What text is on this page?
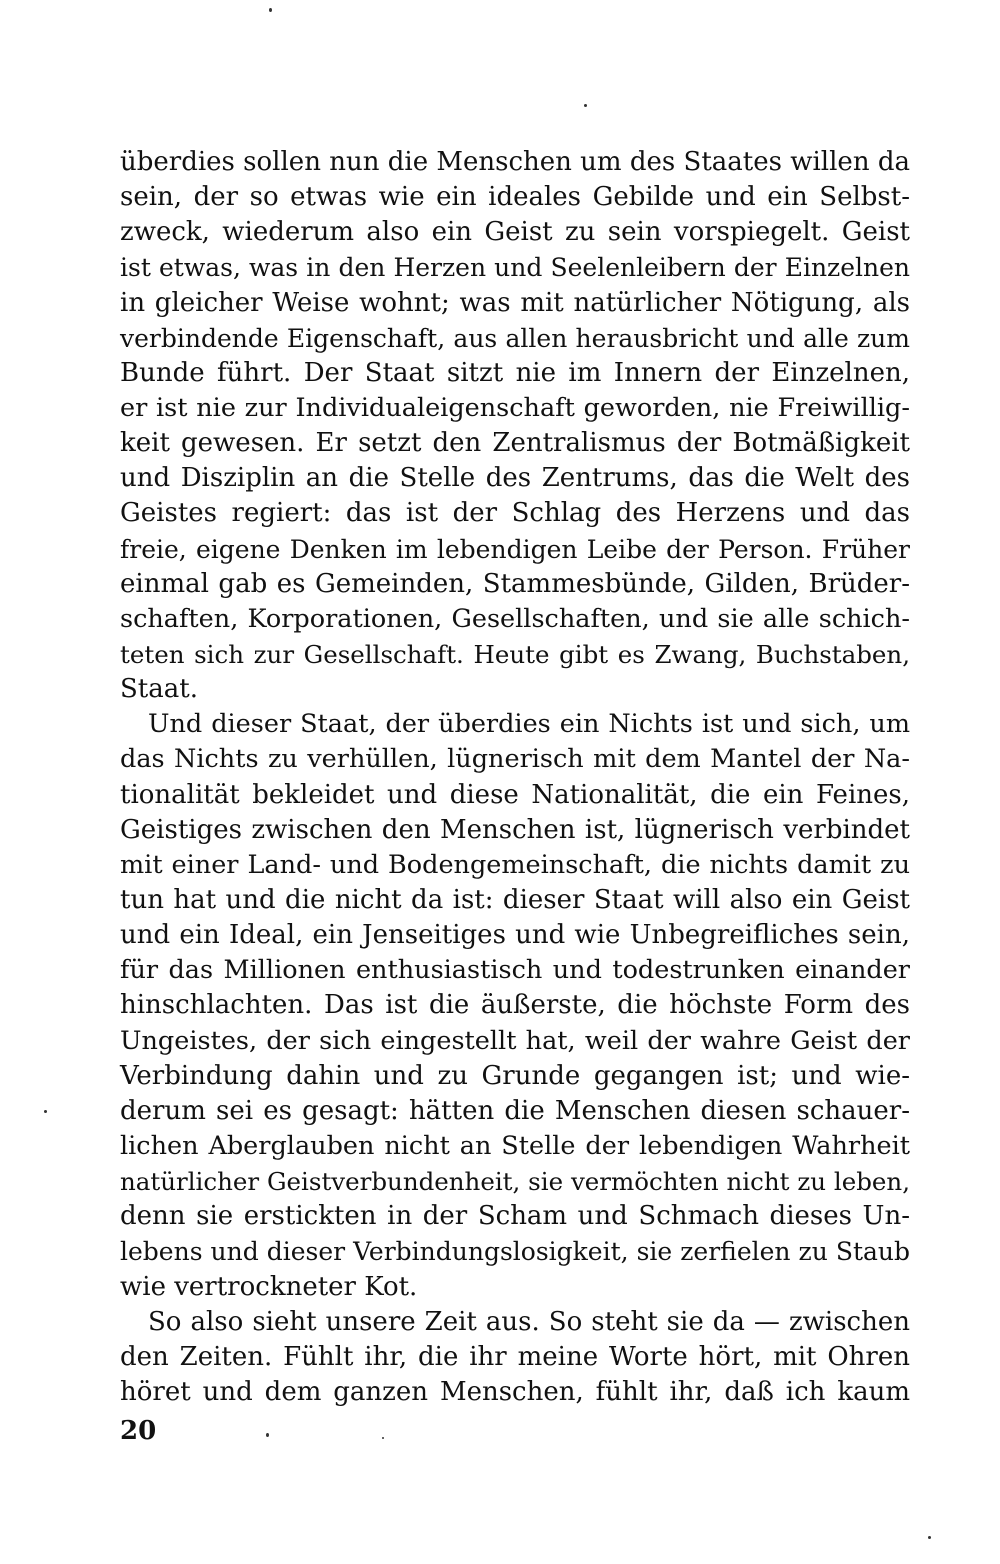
überdies sollen nun die Menschen um des Staates willen da
sein, der so etwas wie ein ideales Gebilde und ein Selbst-
zweck, wiederum also ein Geist zu sein vorspiegelt. Geist
ist etwas, was in den Herzen und Seelenleibern der Einzelnen
in gleicher Weise wohnt; was mit natürlicher Nötigung, als
verbindende Eigenschaft, aus allen herausbricht und alle zum
Bunde führt. Der Staat sitzt nie im Innern der Einzelnen,
er ist nie zur Individualeigenschaft geworden, nie Freiwillig-
keit gewesen. Er setzt den Zentralismus der Botmäßigkeit
und Disziplin an die Stelle des Zentrums, das die Welt des
Geistes regiert: das ist der Schlag des Herzens und das
freie, eigene Denken im lebendigen Leibe der Person. Früher
einmal gab es Gemeinden, Stammesbünde, Gilden, Brüder-
schaften, Korporationen, Gesellschaften, und sie alle schich-
teten sich zur Gesellschaft. Heute gibt es Zwang, Buchstaben,
Staat.
Und dieser Staat, der überdies ein Nichts ist und sich, um
das Nichts zu verhüllen, lügnerisch mit dem Mantel der Na-
tionalität bekleidet und diese Nationalität, die ein Feines,
Geistiges zwischen den Menschen ist, lügnerisch verbindet
mit einer Land- und Bodengemeinschaft, die nichts damit zu
tun hat und die nicht da ist: dieser Staat will also ein Geist
und ein Ideal, ein Jenseitiges und wie Unbegreifliches sein,
für das Millionen enthusiastisch und todestrunken einander
hinschlachten. Das ist die äußerste, die höchste Form des
Ungeistes, der sich eingestellt hat, weil der wahre Geist der
Verbindung dahin und zu Grunde gegangen ist; und wie-
derum sei es gesagt: hätten die Menschen diesen schauer-
lichen Aberglauben nicht an Stelle der lebendigen Wahrheit
natürlicher Geistverbundenheit, sie vermöchten nicht zu leben,
denn sie erstickten in der Scham und Schmach dieses Un-
lebens und dieser Verbindungslosigkeit, sie zerfielen zu Staub
wie vertrockneter Kot.
So also sieht unsere Zeit aus. So steht sie da — zwischen
den Zeiten. Fühlt ihr, die ihr meine Worte hört, mit Ohren
höret und dem ganzen Menschen, fühlt ihr, daß ich kaum
20
